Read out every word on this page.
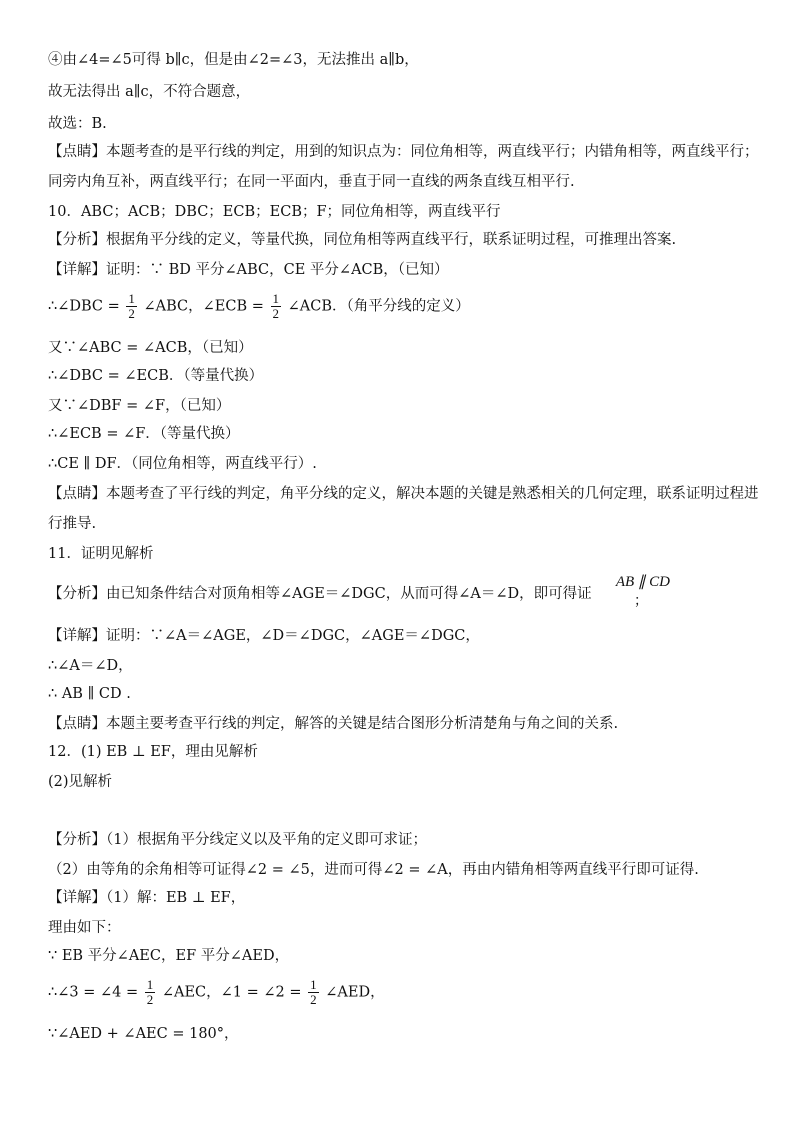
④由∠4=∠5可得 b∥c，但是由∠2=∠3，无法推出 a∥b，
故无法得出 a∥c，不符合题意，
故选：B.
【点睛】本题考查的是平行线的判定，用到的知识点为：同位角相等，两直线平行；内错角相等，两直线平行；
同旁内角互补，两直线平行；在同一平面内，垂直于同一直线的两条直线互相平行.
10．ABC；ACB；DBC；ECB；ECB；F；同位角相等，两直线平行
【分析】根据角平分线的定义，等量代换，同位角相等两直线平行，联系证明过程，可推理出答案.
【详解】证明：∵ BD 平分∠ABC，CE 平分∠ACB，（已知）
∴∠DBC = $\frac{1}{2}$ ∠ABC，∠ECB = $\frac{1}{2}$ ∠ACB．（角平分线的定义）
又∵∠ABC = ∠ACB，（已知）
∴∠DBC = ∠ECB．（等量代换）
又∵∠DBF = ∠F，（已知）
∴∠ECB = ∠F．（等量代换）
∴CE ∥ DF．（同位角相等，两直线平行）.
【点睛】本题考查了平行线的判定，角平分线的定义，解决本题的关键是熟悉相关的几何定理，联系证明过程进
行推导.
11．证明见解析
【分析】由已知条件结合对顶角相等∠AGE＝∠DGC，从而可得∠A＝∠D，即可得证
AB ∥ CD
；
【详解】证明：∵∠A＝∠AGE，∠D＝∠DGC，∠AGE＝∠DGC，
∴∠A＝∠D，
∴ AB ∥ CD .
【点睛】本题主要考查平行线的判定，解答的关键是结合图形分析清楚角与角之间的关系.
12．(1) EB ⊥ EF，理由见解析
(2)见解析
【分析】（1）根据角平分线定义以及平角的定义即可求证；
（2）由等角的余角相等可证得∠2 = ∠5，进而可得∠2 = ∠A，再由内错角相等两直线平行即可证得.
【详解】（1）解：EB ⊥ EF，
理由如下：
∵ EB 平分∠AEC，EF 平分∠AED，
∴∠3 = ∠4 = $\frac{1}{2}$ ∠AEC，∠1 = ∠2 = $\frac{1}{2}$ ∠AED，
∵∠AED + ∠AEC = 180°，
